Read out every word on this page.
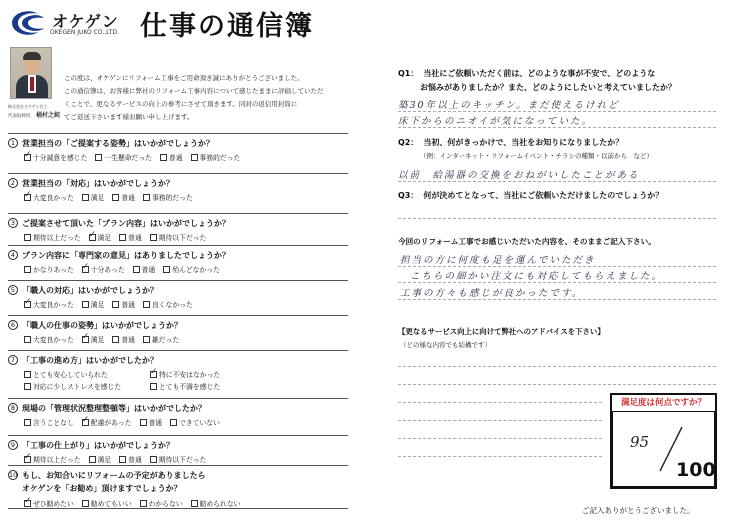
オケゲン
OKEGEN JUKO CO.,LTD. 仕事の通信簿
株式会社オケゲン住工
代表取締役 桶村之純
この度は、オケゲンにリフォーム工事をご用命頂き誠にありがとうございました。
この通信簿は、お客様に弊社のリフォーム工事内容について感じたままに評価していただ
くことで、更なるサービスの向上の参考にさせて頂きます。同封の返信用封筒に
てご返送下さいます様お願い申し上げます。
1 営業担当の「ご提案する姿勢」はいかがでしょうか？
✓十分誠意を感じた	一生懸命だった	普通	事務的だった
2 営業担当の「対応」はいかがでしょうか？
✓大変良かった	満足	普通	事務的だった
3 ご提案させて頂いた「プラン内容」はいかがでしょうか？
期待以上だった ✓	満足	普通	期待以下だった
4 プラン内容に「専門家の意見」はありましたでしょうか？
かなりあった ✓	十分あった	普通	殆んどなかった
5 「職人の対応」はいかがでしょうか？
✓大変良かった	満足	普通	良くなかった
6 「職人の仕事の姿勢」はいかがでしょうか？
大変良かった ✓	満足	普通	雑だった
7 「工事の進め方」はいかがでしたか？
とても安心していられた ✓	特に不安はなかった
対応に少しストレスを感じた	とても不満を感じた
8 現場の「管理状況整理整頓等」はいかがでしたか？
言うことなし ✓	配慮があった	普通	できていない
9 「工事の仕上がり」はいかがでしょうか？
✓期待以上だった	満足	普通	期待以下だった
10 もし、お知合いにリフォームの予定がありましたら
オケゲンを「お勧め」頂けますでしょうか？
✓ぜひ勧めたい	勧めてもいい	わからない	勧められない
Q1： 当社にご依頼いただく前は、どのような事が不安で、どのような
お悩みがありましたか？また、どのようにしたいと考えていましたか？
築30年以上のキッチン。まだ使えるけれど
床下からのニオイが気になっていた。
Q2： 当初、何がきっかけで、当社をお知りになりましたか？
（例：インターネット・リフォームイベント・チラシの種類・以前から　など）
以前　給湯器の交換をおねがいしたことがある
Q3： 何が決めてとなって、当社にご依頼いただけましたのでしょうか？
今回のリフォーム工事でお感じいただいた内容を、そのままご記入下さい。
担当の方に何度も足を運んでいただき
こちらの細かい注文にも対応してもらえました。
工事の方々も感じが良かったです。
【更なるサービス向上に向けて弊社へのアドバイスを下さい】
（どの様な内容でも結構です）
満足度は何点ですか？
95
100
ご記入ありがとうございました。
